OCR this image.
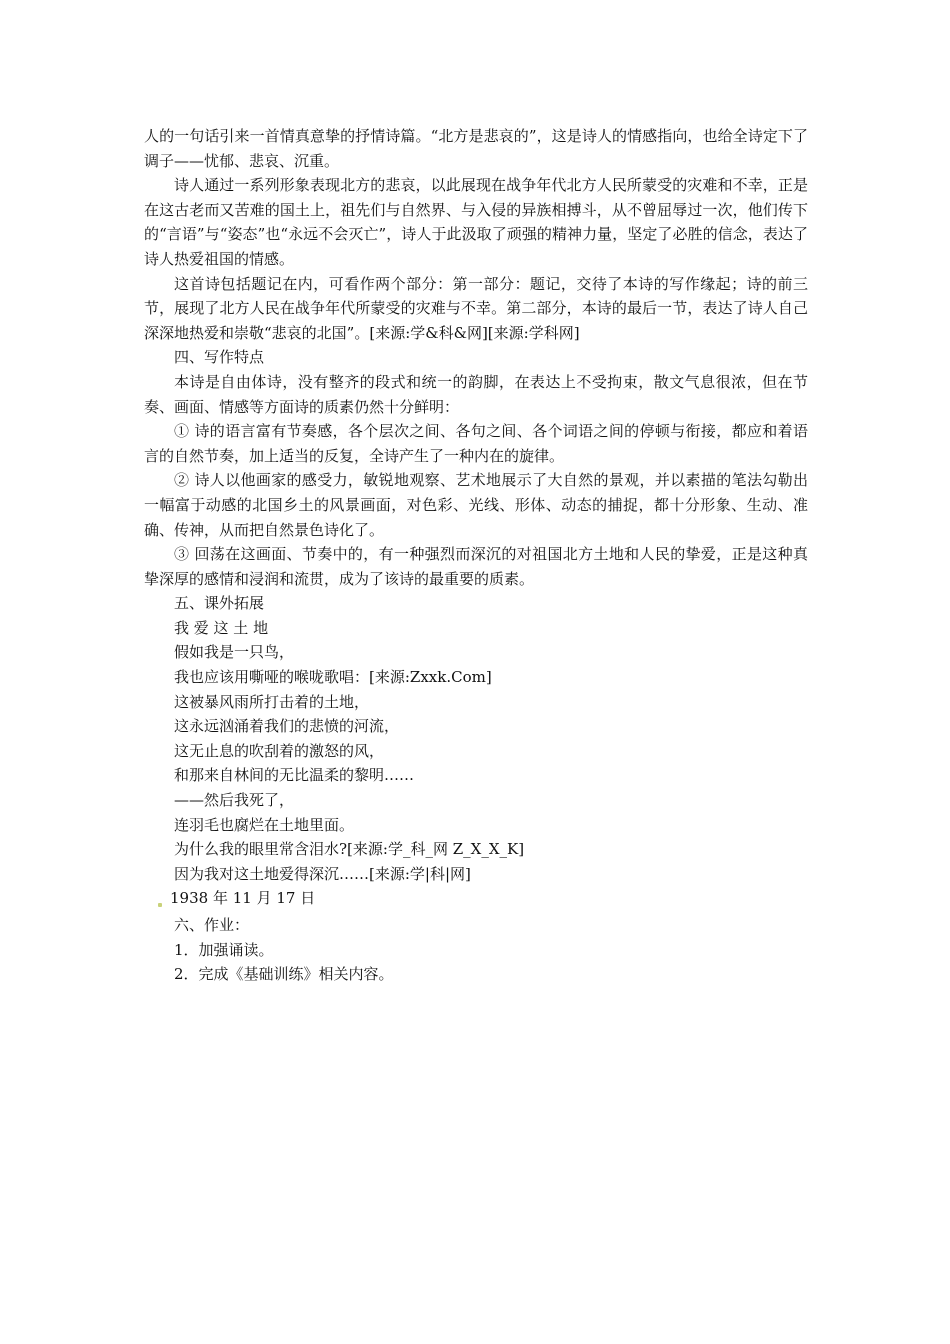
人的一句话引来一首情真意挚的抒情诗篇。“北方是悲哀的”，这是诗人的情感指向，也给全诗定下了调子——忧郁、悲哀、沉重。

诗人通过一系列形象表现北方的悲哀，以此展现在战争年代北方人民所蒙受的灾难和不幸，正是在这古老而又苦难的国土上，祖先们与自然界、与入侵的异族相搏斗，从不曾屈辱过一次，他们传下的“言语”与“姿态”也“永远不会灭亡”，诗人于此汲取了顽强的精神力量，坚定了必胜的信念，表达了诗人热爱祖国的情感。

这首诗包括题记在内，可看作两个部分：第一部分：题记，交待了本诗的写作缘起；诗的前三节，展现了北方人民在战争年代所蒙受的灾难与不幸。第二部分，本诗的最后一节，表达了诗人自己深深地热爱和崇敬“悲哀的北国”。[来源:学&科&网][来源:学科网]

四、写作特点

本诗是自由体诗，没有整齐的段式和统一的韵脚，在表达上不受拘束，散文气息很浓，但在节奏、画面、情感等方面诗的质素仍然十分鲜明：

① 诗的语言富有节奏感，各个层次之间、各句之间、各个词语之间的停顿与衔接，都应和着语言的自然节奏，加上适当的反复，全诗产生了一种内在的旋律。

② 诗人以他画家的感受力，敏锐地观察、艺术地展示了大自然的景观，并以素描的笔法勾勒出一幅富于动感的北国乡土的风景画面，对色彩、光线、形体、动态的捕捉，都十分形象、生动、准确、传神，从而把自然景色诗化了。

③ 回荡在这画面、节奏中的，有一种强烈而深沉的对祖国北方土地和人民的挚爱，正是这种真挚深厚的感情和浸润和流贯，成为了该诗的最重要的质素。

五、课外拓展

我 爱 这 土 地

假如我是一只鸟，

我也应该用嘶哑的喉咙歌唱：[来源:Zxxk.Com]

这被暴风雨所打击着的土地，

这永远汹涌着我们的悲愤的河流，

这无止息的吹刮着的激怒的风，

和那来自林间的无比温柔的黎明……

——然后我死了，

连羽毛也腐烂在土地里面。

为什么我的眼里常含泪水?[来源:学_科_网 Z_X_X_K]

因为我对这土地爱得深沉……[来源:学|科|网]

1938 年 11 月 17 日

六、作业：

1．加强诵读。

2．完成《基础训练》相关内容。
